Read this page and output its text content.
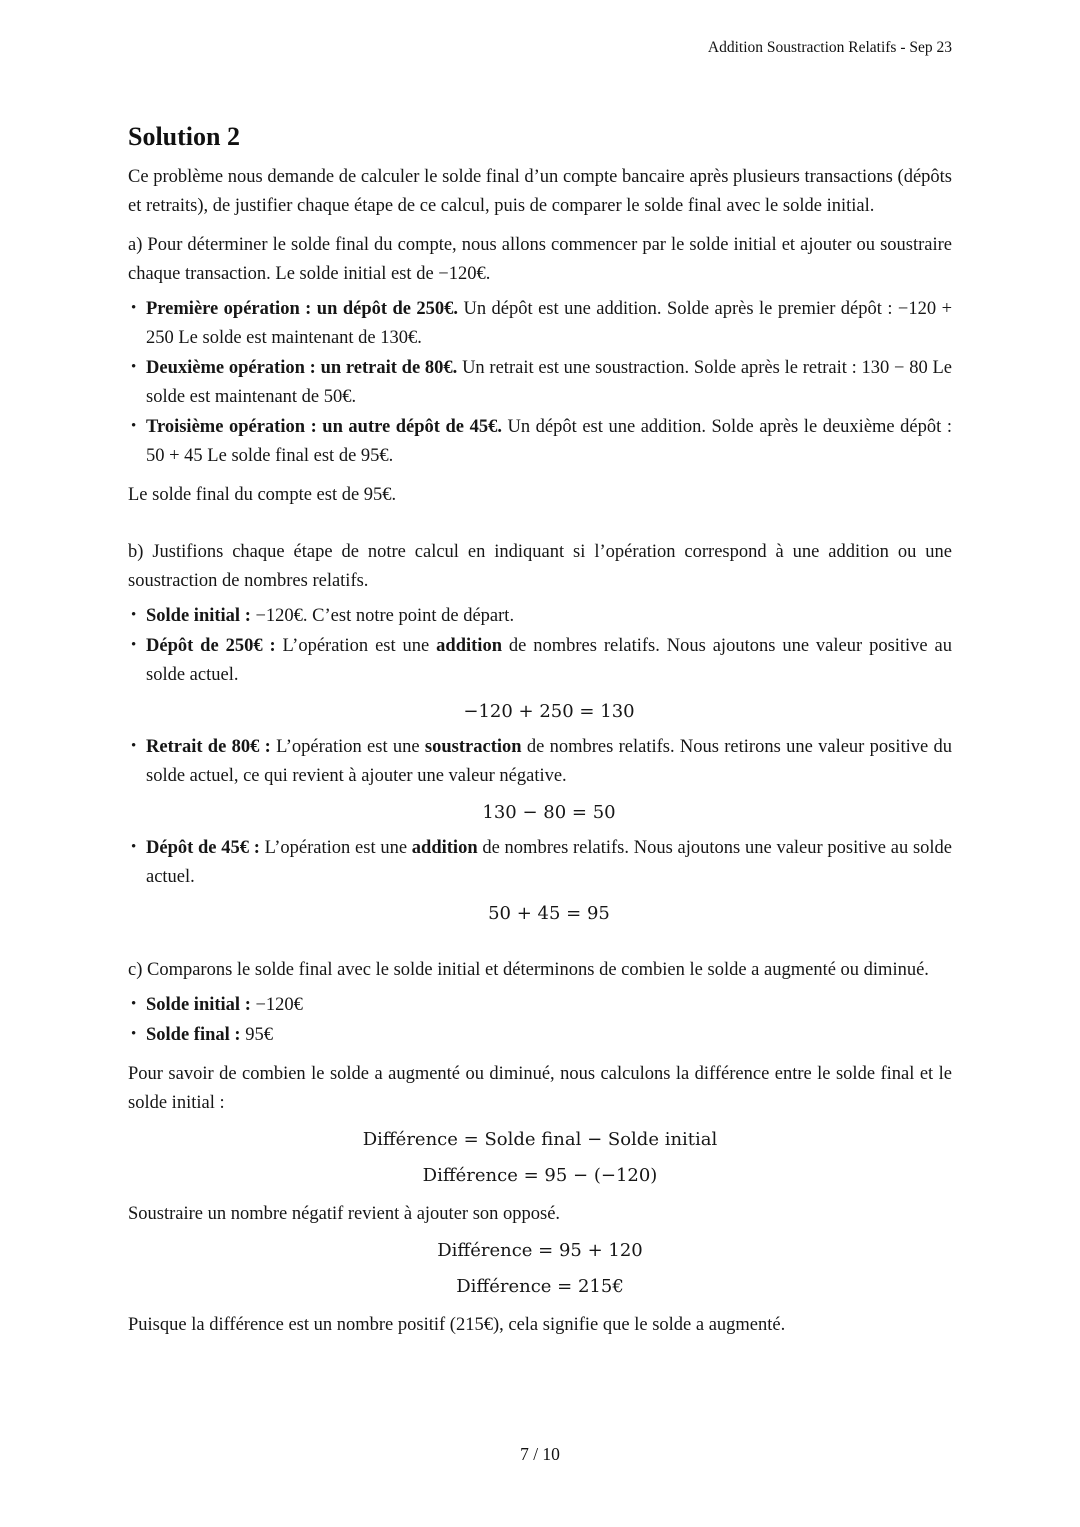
Addition Soustraction Relatifs - Sep 23
Solution 2

Ce problème nous demande de calculer le solde final d’un compte bancaire après plusieurs transactions (dépôts et retraits), de justifier chaque étape de ce calcul, puis de comparer le solde final avec le solde initial.

a) Pour déterminer le solde final du compte, nous allons commencer par le solde initial et ajouter ou soustraire chaque transaction. Le solde initial est de −120€.

• Première opération : un dépôt de 250€. Un dépôt est une addition. Solde après le premier dépôt : −120 + 250 Le solde est maintenant de 130€.
• Deuxième opération : un retrait de 80€. Un retrait est une soustraction. Solde après le retrait : 130 − 80 Le solde est maintenant de 50€.
• Troisième opération : un autre dépôt de 45€. Un dépôt est une addition. Solde après le deuxième dépôt : 50 + 45 Le solde final est de 95€.

Le solde final du compte est de 95€.

b) Justifions chaque étape de notre calcul en indiquant si l’opération correspond à une addition ou une soustraction de nombres relatifs.

• Solde initial : −120€. C’est notre point de départ.
• Dépôt de 250€ : L’opération est une addition de nombres relatifs. Nous ajoutons une valeur positive au solde actuel.
−120 + 250 = 130
• Retrait de 80€ : L’opération est une soustraction de nombres relatifs. Nous retirons une valeur positive du solde actuel, ce qui revient à ajouter une valeur négative.
130 − 80 = 50
• Dépôt de 45€ : L’opération est une addition de nombres relatifs. Nous ajoutons une valeur positive au solde actuel.
50 + 45 = 95

c) Comparons le solde final avec le solde initial et déterminons de combien le solde a augmenté ou diminué.

• Solde initial : −120€
• Solde final : 95€

Pour savoir de combien le solde a augmenté ou diminué, nous calculons la différence entre le solde final et le solde initial :

Différence = Solde final − Solde initial
Différence = 95 − (−120)

Soustraire un nombre négatif revient à ajouter son opposé.

Différence = 95 + 120
Différence = 215€

Puisque la différence est un nombre positif (215€), cela signifie que le solde a augmenté.

7 / 10
